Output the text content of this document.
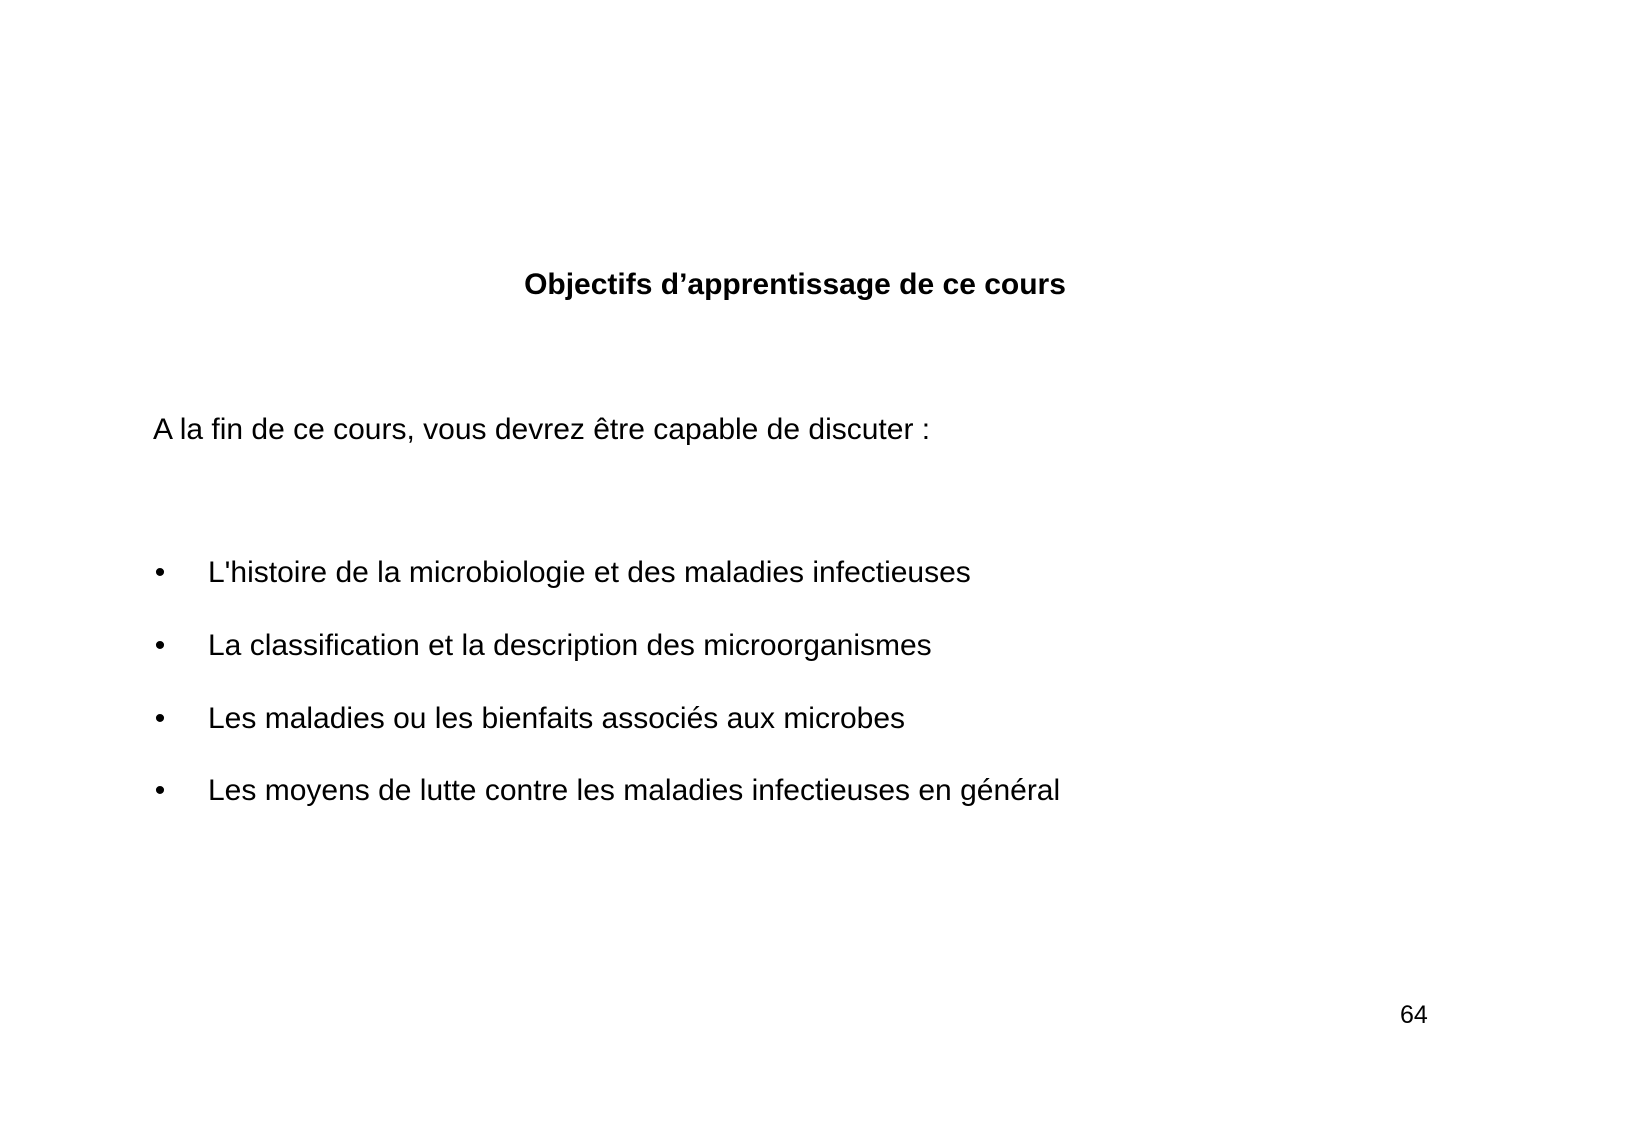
Objectifs d’apprentissage de ce cours
A la fin de ce cours, vous devrez être capable de discuter :
• L'histoire de la microbiologie et des maladies infectieuses
• La classification et la description des microorganismes
• Les maladies ou les bienfaits associés aux microbes
• Les moyens de lutte contre les maladies infectieuses en général
64
